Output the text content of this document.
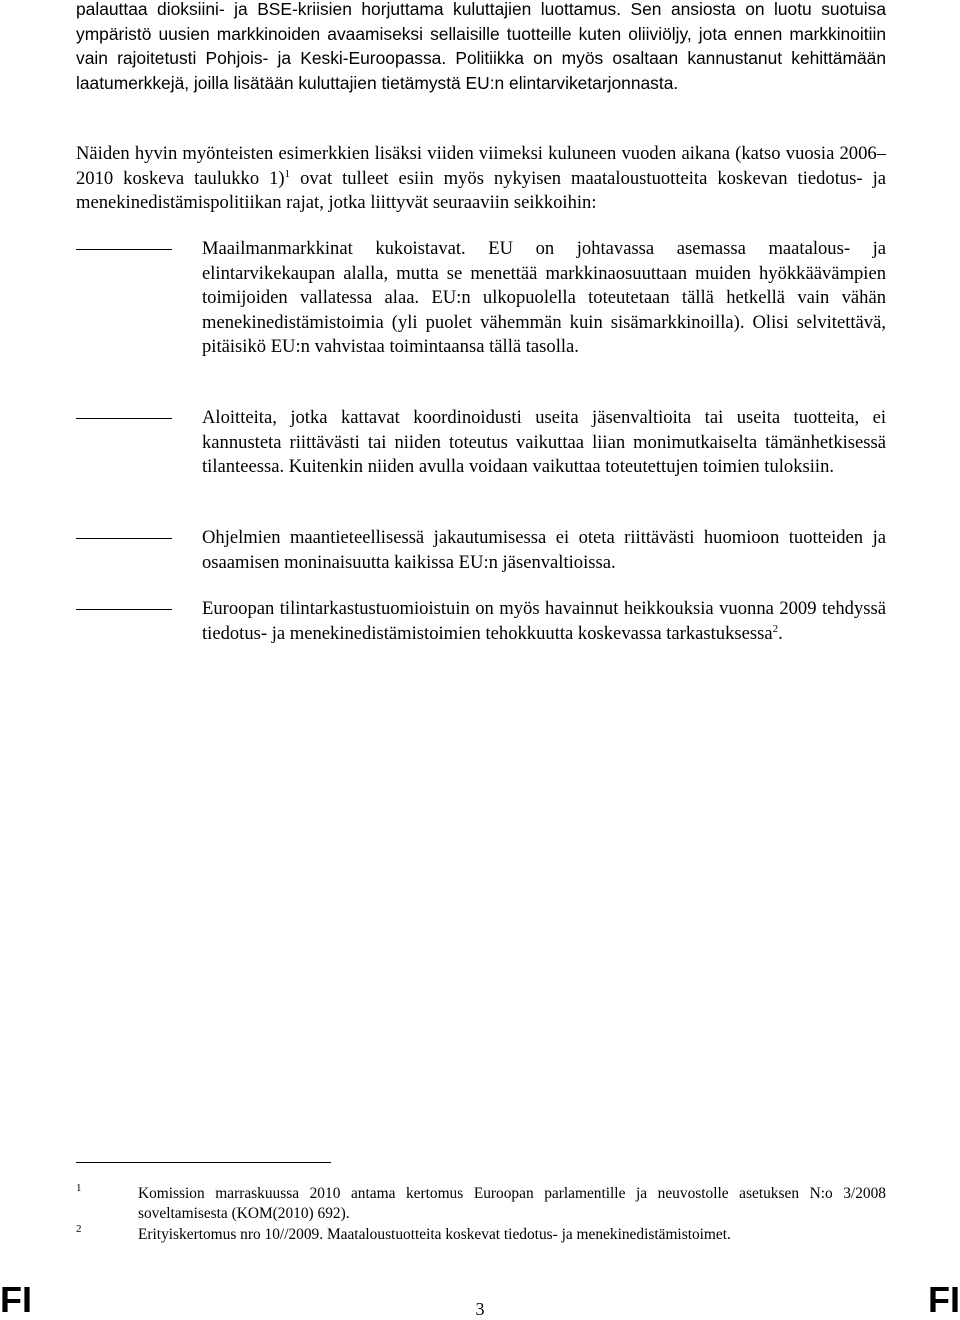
palauttaa dioksiini- ja BSE-kriisien horjuttama kuluttajien luottamus. Sen ansiosta on luotu suotuisa ympäristö uusien markkinoiden avaamiseksi sellaisille tuotteille kuten oliiviöljy, jota ennen markkinoitiin vain rajoitetusti Pohjois- ja Keski-Euroopassa. Politiikka on myös osaltaan kannustanut kehittämään laatumerkkejä, joilla lisätään kuluttajien tietämystä EU:n elintarviketarjonnasta.

Näiden hyvin myönteisten esimerkkien lisäksi viiden viimeksi kuluneen vuoden aikana (katso vuosia 2006–2010 koskeva taulukko 1)$^1$ ovat tulleet esiin myös nykyisen maataloustuotteita koskevan tiedotus- ja menekinedistämispolitiikan rajat, jotka liittyvät seuraaviin seikkoihin:

Maailmanmarkkinat kukoistavat. EU on johtavassa asemassa maatalous- ja elintarvikekaupan alalla, mutta se menettää markkinaosuuttaan muiden hyökkäävämpien toimijoiden vallatessa alaa. EU:n ulkopuolella toteutetaan tällä hetkellä vain vähän menekinedistämistoimia (yli puolet vähemmän kuin sisämarkkinoilla). Olisi selvitettävä, pitäisikö EU:n vahvistaa toimintaansa tällä tasolla.
Aloitteita, jotka kattavat koordinoidusti useita jäsenvaltioita tai useita tuotteita, ei kannusteta riittävästi tai niiden toteutus vaikuttaa liian monimutkaiselta tämänhetkisessä tilanteessa. Kuitenkin niiden avulla voidaan vaikuttaa toteutettujen toimien tuloksiin.
Ohjelmien maantieteellisessä jakautumisessa ei oteta riittävästi huomioon tuotteiden ja osaamisen moninaisuutta kaikissa EU:n jäsenvaltioissa.
Euroopan tilintarkastustuomioistuin on myös havainnut heikkouksia vuonna 2009 tehdyssä tiedotus- ja menekinedistämistoimien tehokkuutta koskevassa tarkastuksessa$^2$.
1	Komission marraskuussa 2010 antama kertomus Euroopan parlamentille ja neuvostolle asetuksen N:o 3/2008 soveltamisesta (KOM(2010) 692).
2	Erityiskertomus nro 10//2009. Maataloustuotteita koskevat tiedotus- ja menekinedistämistoimet.
FI	3	FI
